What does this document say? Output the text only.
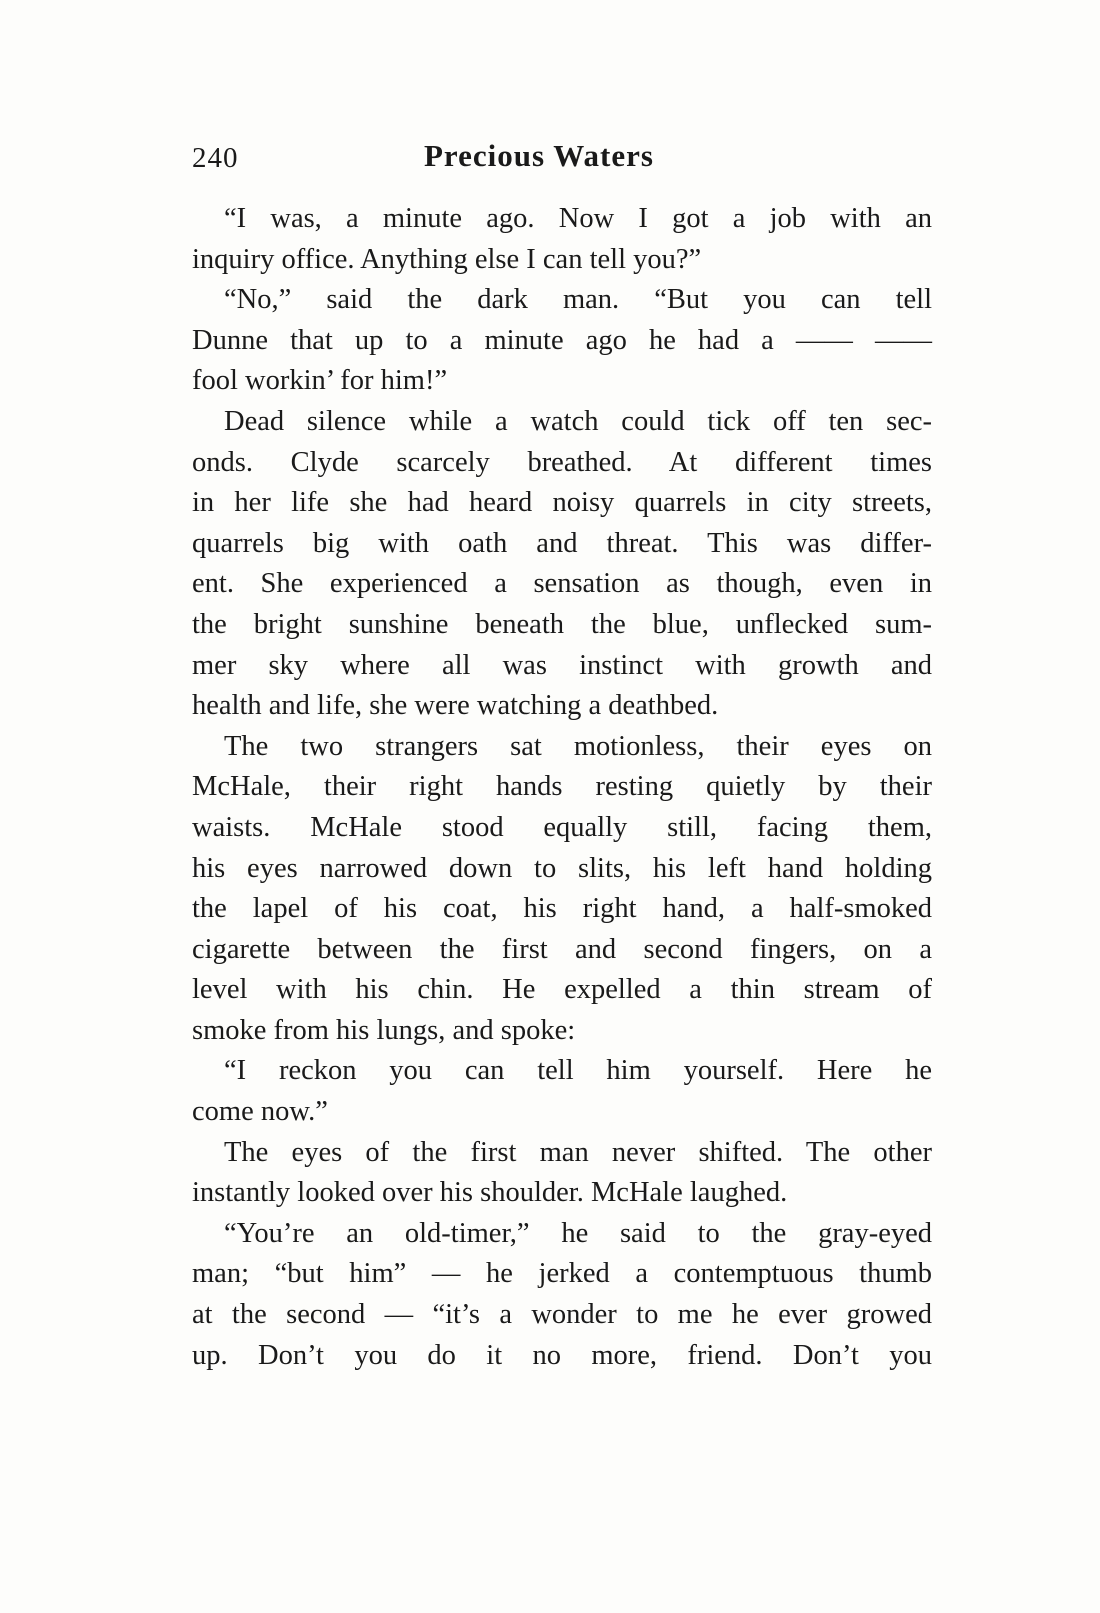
240	Precious Waters
“I was, a minute ago. Now I got a job with an
inquiry office. Anything else I can tell you?”
“No,” said the dark man. “But you can tell
Dunne that up to a minute ago he had a —— ——
fool workin’ for him!”
Dead silence while a watch could tick off ten sec-
onds. Clyde scarcely breathed. At different times
in her life she had heard noisy quarrels in city streets,
quarrels big with oath and threat. This was differ-
ent. She experienced a sensation as though, even in
the bright sunshine beneath the blue, unflecked sum-
mer sky where all was instinct with growth and
health and life, she were watching a deathbed.
The two strangers sat motionless, their eyes on
McHale, their right hands resting quietly by their
waists. McHale stood equally still, facing them,
his eyes narrowed down to slits, his left hand holding
the lapel of his coat, his right hand, a half-smoked
cigarette between the first and second fingers, on a
level with his chin. He expelled a thin stream of
smoke from his lungs, and spoke:
“I reckon you can tell him yourself. Here he
come now.”
The eyes of the first man never shifted. The other
instantly looked over his shoulder. McHale laughed.
“You’re an old-timer,” he said to the gray-eyed
man; “but him” — he jerked a contemptuous thumb
at the second — “it’s a wonder to me he ever growed
up. Don’t you do it no more, friend. Don’t you
